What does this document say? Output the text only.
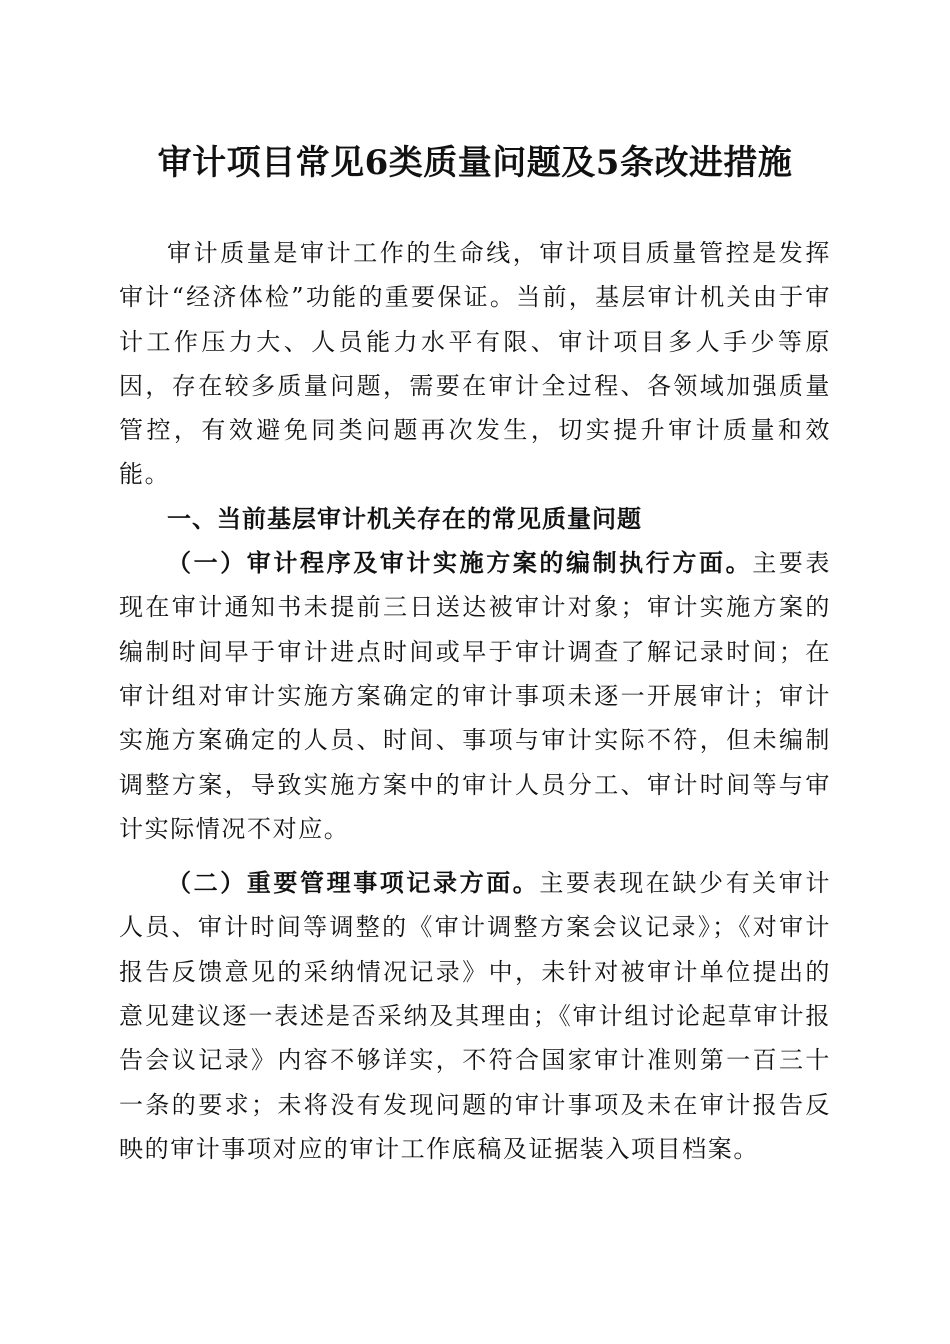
审计项目常见6类质量问题及5条改进措施

审计质量是审计工作的生命线，审计项目质量管控是发挥审计“经济体检”功能的重要保证。当前，基层审计机关由于审计工作压力大、人员能力水平有限、审计项目多人手少等原因，存在较多质量问题，需要在审计全过程、各领域加强质量管控，有效避免同类问题再次发生，切实提升审计质量和效能。

一、当前基层审计机关存在的常见质量问题

（一）审计程序及审计实施方案的编制执行方面。主要表现在审计通知书未提前三日送达被审计对象；审计实施方案的编制时间早于审计进点时间或早于审计调查了解记录时间；在审计组对审计实施方案确定的审计事项未逐一开展审计；审计实施方案确定的人员、时间、事项与审计实际不符，但未编制调整方案，导致实施方案中的审计人员分工、审计时间等与审计实际情况不对应。

（二）重要管理事项记录方面。主要表现在缺少有关审计人员、审计时间等调整的《审计调整方案会议记录》；《对审计报告反馈意见的采纳情况记录》中，未针对被审计单位提出的意见建议逐一表述是否采纳及其理由；《审计组讨论起草审计报告会议记录》内容不够详实，不符合国家审计准则第一百三十一条的要求；未将没有发现问题的审计事项及未在审计报告反映的审计事项对应的审计工作底稿及证据装入项目档案。
